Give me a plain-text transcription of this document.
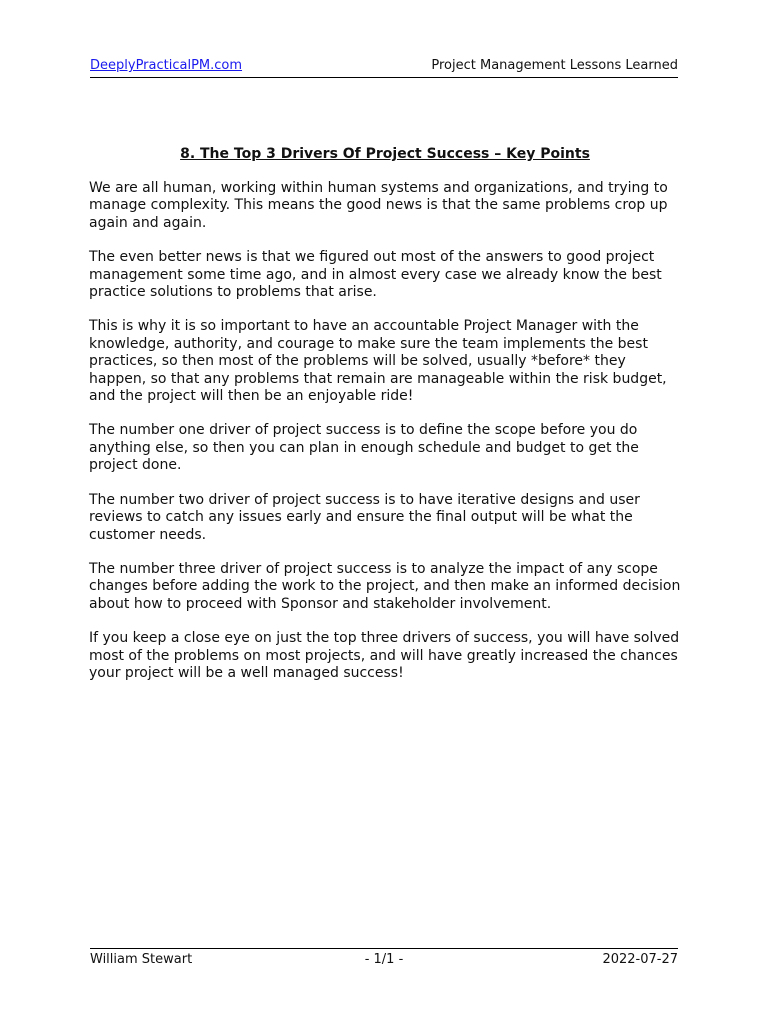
DeeplyPracticalPM.com	Project Management Lessons Learned
8. The Top 3 Drivers Of Project Success – Key Points

We are all human, working within human systems and organizations, and trying to manage complexity. This means the good news is that the same problems crop up again and again.

The even better news is that we figured out most of the answers to good project management some time ago, and in almost every case we already know the best practice solutions to problems that arise.

This is why it is so important to have an accountable Project Manager with the knowledge, authority, and courage to make sure the team implements the best practices, so then most of the problems will be solved, usually *before* they happen, so that any problems that remain are manageable within the risk budget, and the project will then be an enjoyable ride!

The number one driver of project success is to define the scope before you do anything else, so then you can plan in enough schedule and budget to get the project done.

The number two driver of project success is to have iterative designs and user reviews to catch any issues early and ensure the final output will be what the customer needs.

The number three driver of project success is to analyze the impact of any scope changes before adding the work to the project, and then make an informed decision about how to proceed with Sponsor and stakeholder involvement.

If you keep a close eye on just the top three drivers of success, you will have solved most of the problems on most projects, and will have greatly increased the chances your project will be a well managed success!

William Stewart	- 1/1 -	2022-07-27
